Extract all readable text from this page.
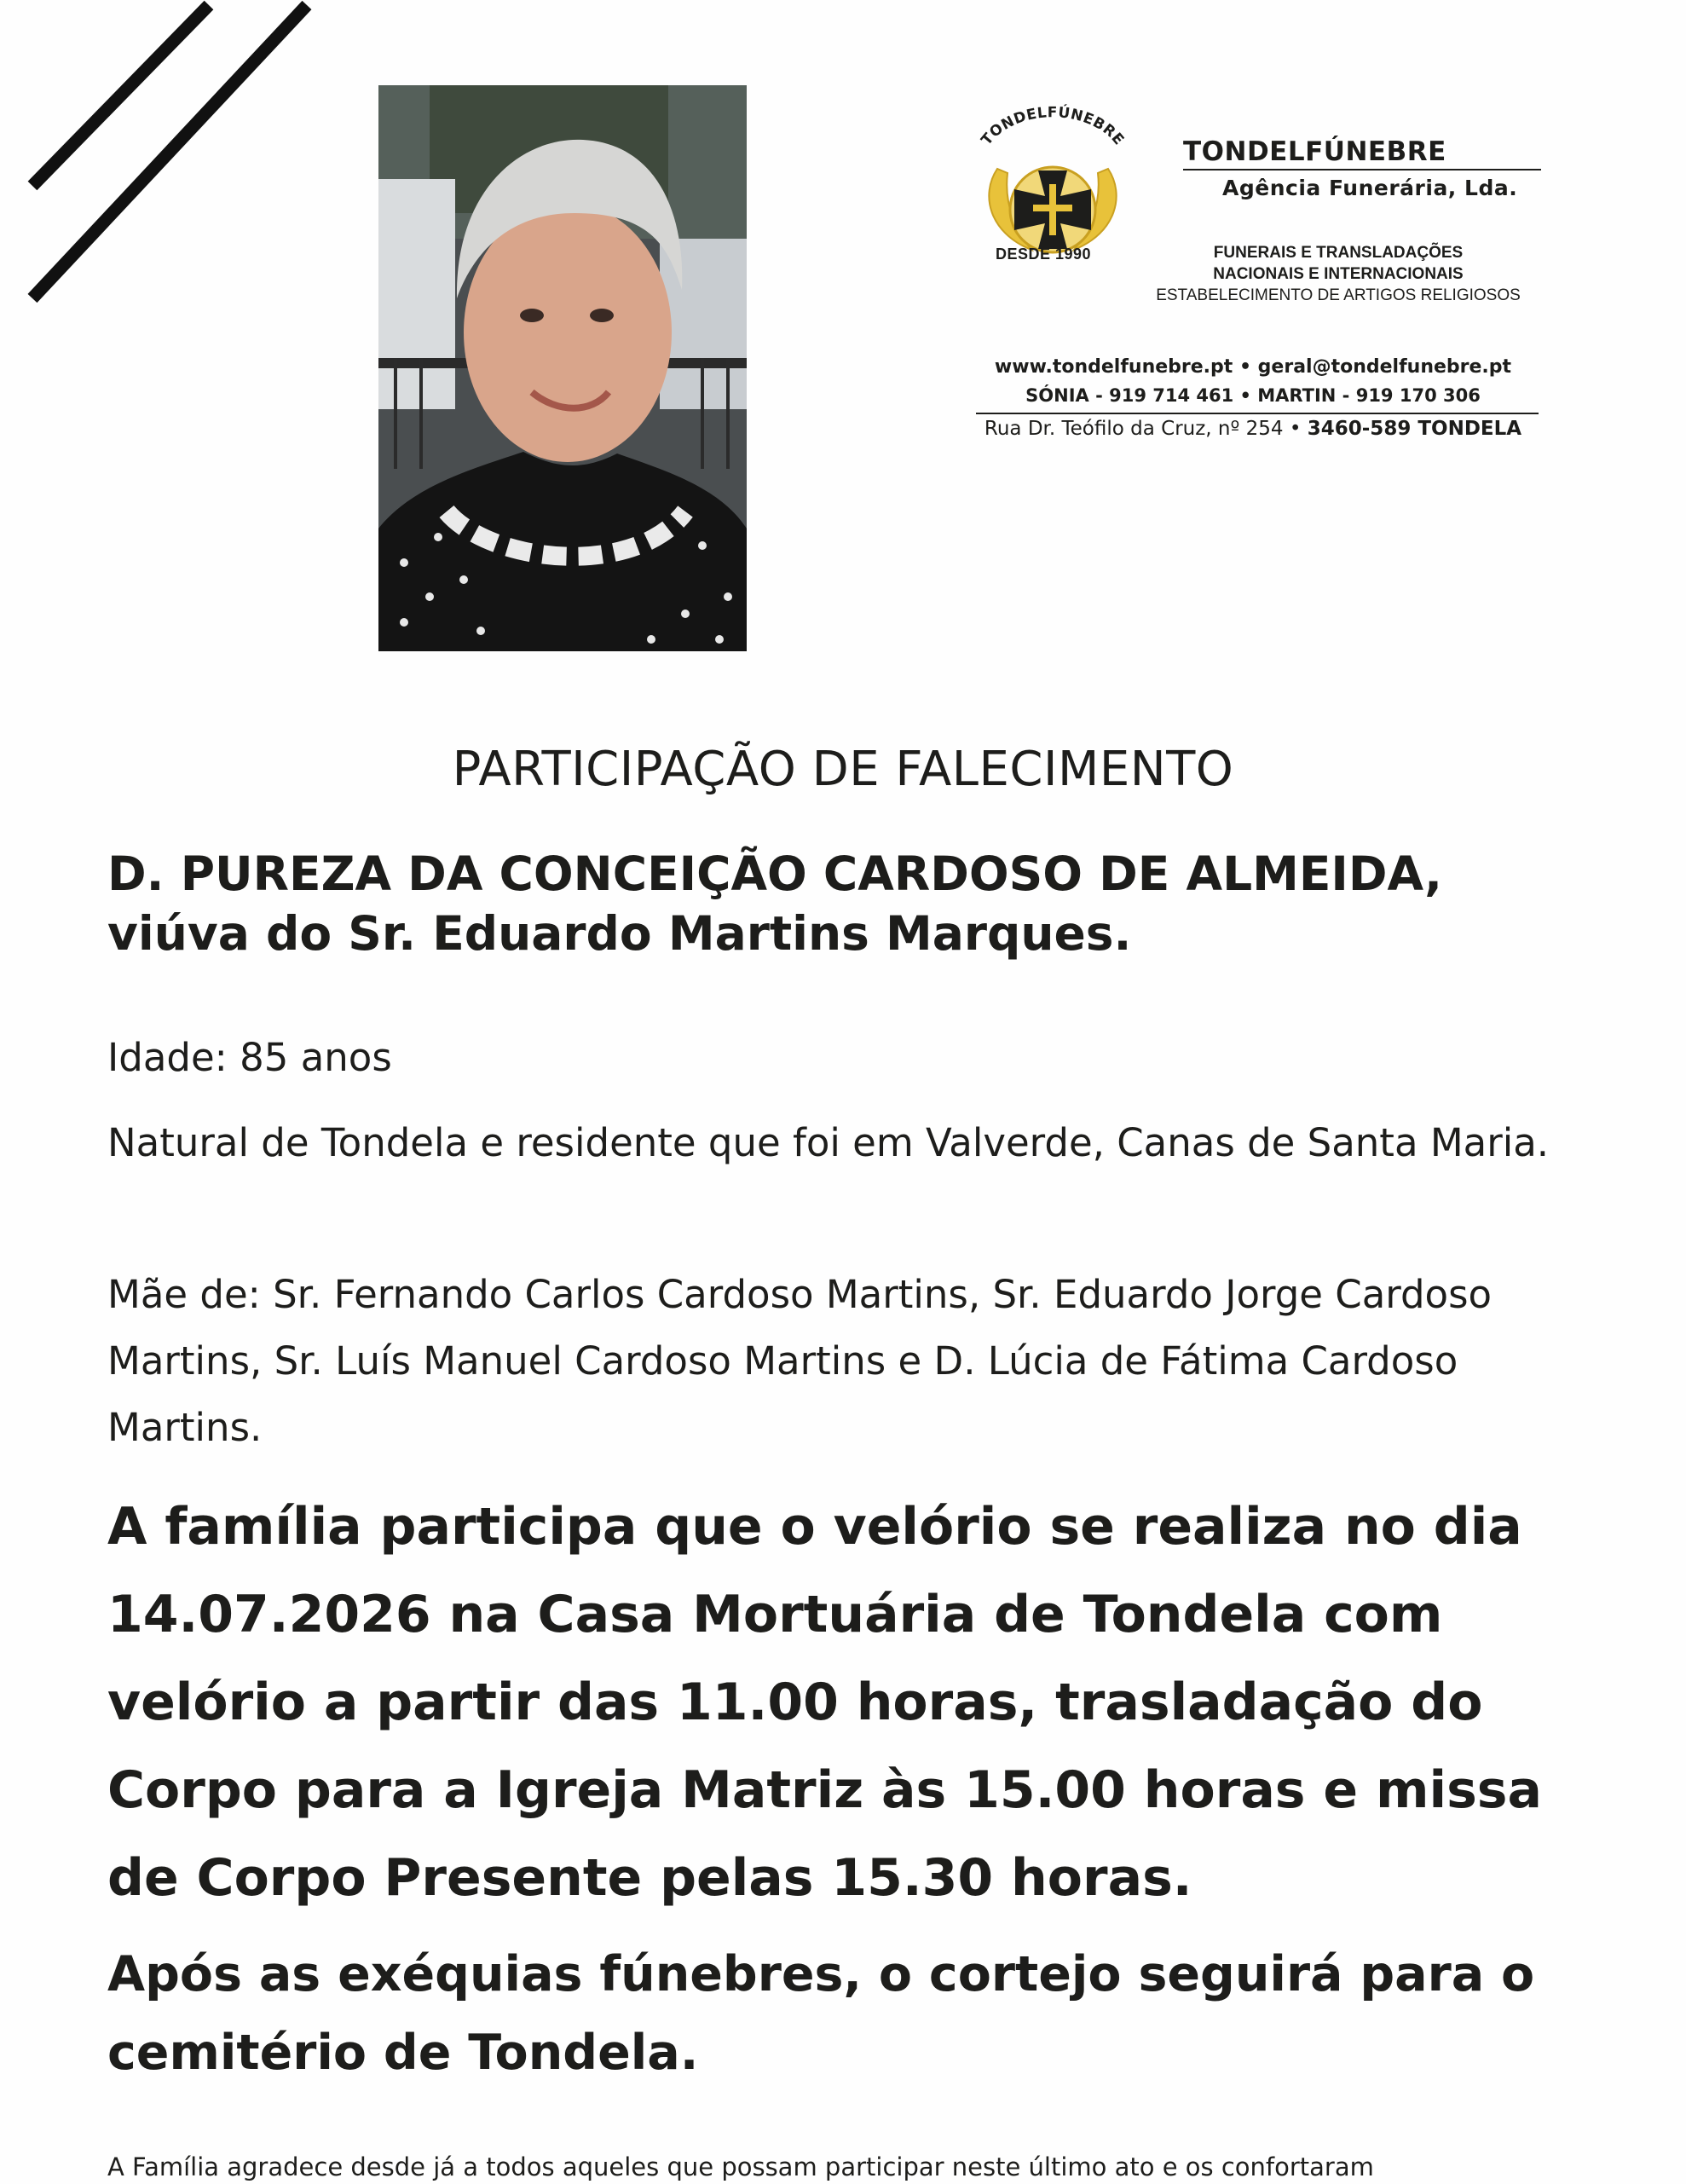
TONDELFÚNEBRE
DESDE 1990
TONDELFÚNEBRE
Agência Funerária, Lda.
FUNERAIS E TRANSLADAÇÕES
NACIONAIS E INTERNACIONAIS
ESTABELECIMENTO DE ARTIGOS RELIGIOSOS
www.tondelfunebre.pt • geral@tondelfunebre.pt
SÓNIA - 919 714 461 • MARTIN - 919 170 306
Rua Dr. Teófilo da Cruz, nº 254 • 3460-589 TONDELA
PARTICIPAÇÃO DE FALECIMENTO
D. PUREZA DA CONCEIÇÃO CARDOSO DE ALMEIDA,
viúva do Sr. Eduardo Martins Marques.
Idade: 85 anos
Natural de Tondela e residente que foi em Valverde, Canas de Santa Maria.
Mãe de: Sr. Fernando Carlos Cardoso Martins, Sr. Eduardo Jorge Cardoso Martins, Sr. Luís Manuel Cardoso Martins e D. Lúcia de Fátima Cardoso Martins.
A família participa que o velório se realiza no dia 14.07.2026 na Casa Mortuária de Tondela com velório a partir das 11.00 horas, trasladação do Corpo para a Igreja Matriz às 15.00 horas e missa de Corpo Presente pelas 15.30 horas.
Após as exéquias fúnebres, o cortejo seguirá para o cemitério de Tondela.
A Família agradece desde já a todos aqueles que possam participar neste último ato e os confortaram
